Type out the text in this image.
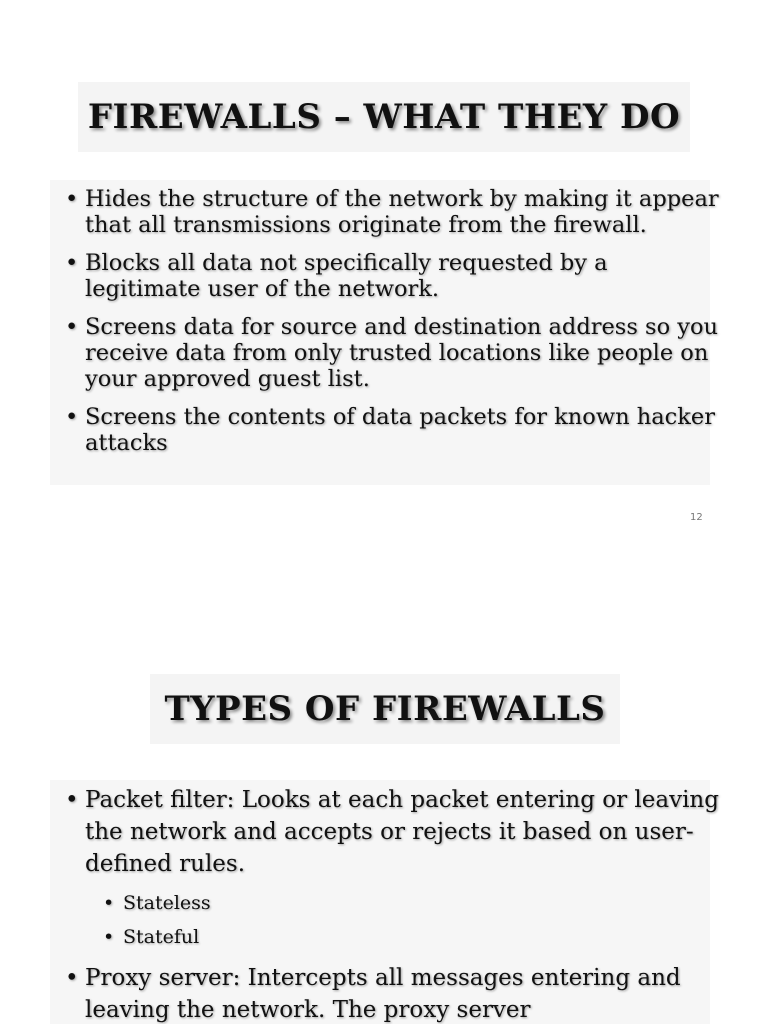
FIREWALLS – WHAT THEY DO
• Hides the structure of the network by making it appear that all transmissions originate from the firewall.
• Blocks all data not specifically requested by a legitimate user of the network.
• Screens data for source and destination address so you receive data from only trusted locations like people on your approved guest list.
• Screens the contents of data packets for known hacker attacks
12
TYPES OF FIREWALLS
• Packet filter: Looks at each packet entering or leaving the network and accepts or rejects it based on user-defined rules.
• Stateless
• Stateful
• Proxy server: Intercepts all messages entering and leaving the network. The proxy server
